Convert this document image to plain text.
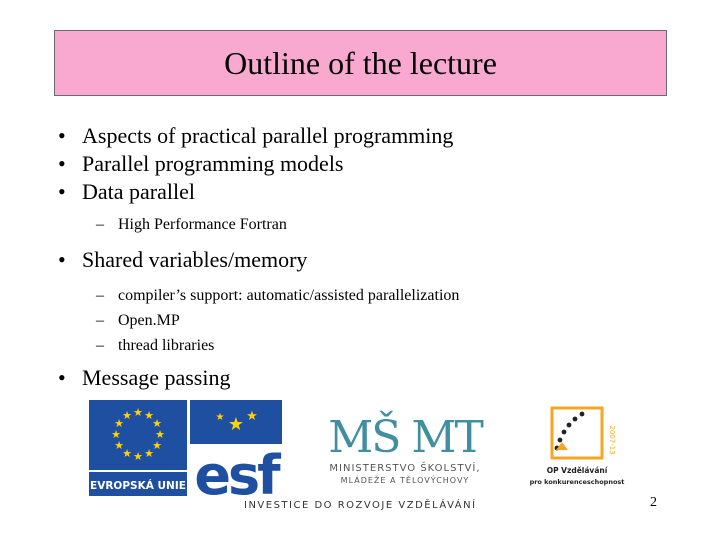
Outline of the lecture
• Aspects of practical parallel programming
• Parallel programming models
• Data parallel
– High Performance Fortran
• Shared variables/memory
– compiler’s support: automatic/assisted parallelization
– Open.MP
– thread libraries
• Message passing
★ ★
★
★
★
★
★
★
★
★
★
★
EVROPSKÁ UNIE
★ ★
★
esf
MŠ MT
MINISTERSTVO ŠKOLSTVÍ,
MLÁDEŽE A TĚLOVÝCHOVY
2007-13
OP Vzdělávání
pro konkurenceschopnost
INVESTICE DO ROZVOJE VZDĚLÁVÁNÍ	2
